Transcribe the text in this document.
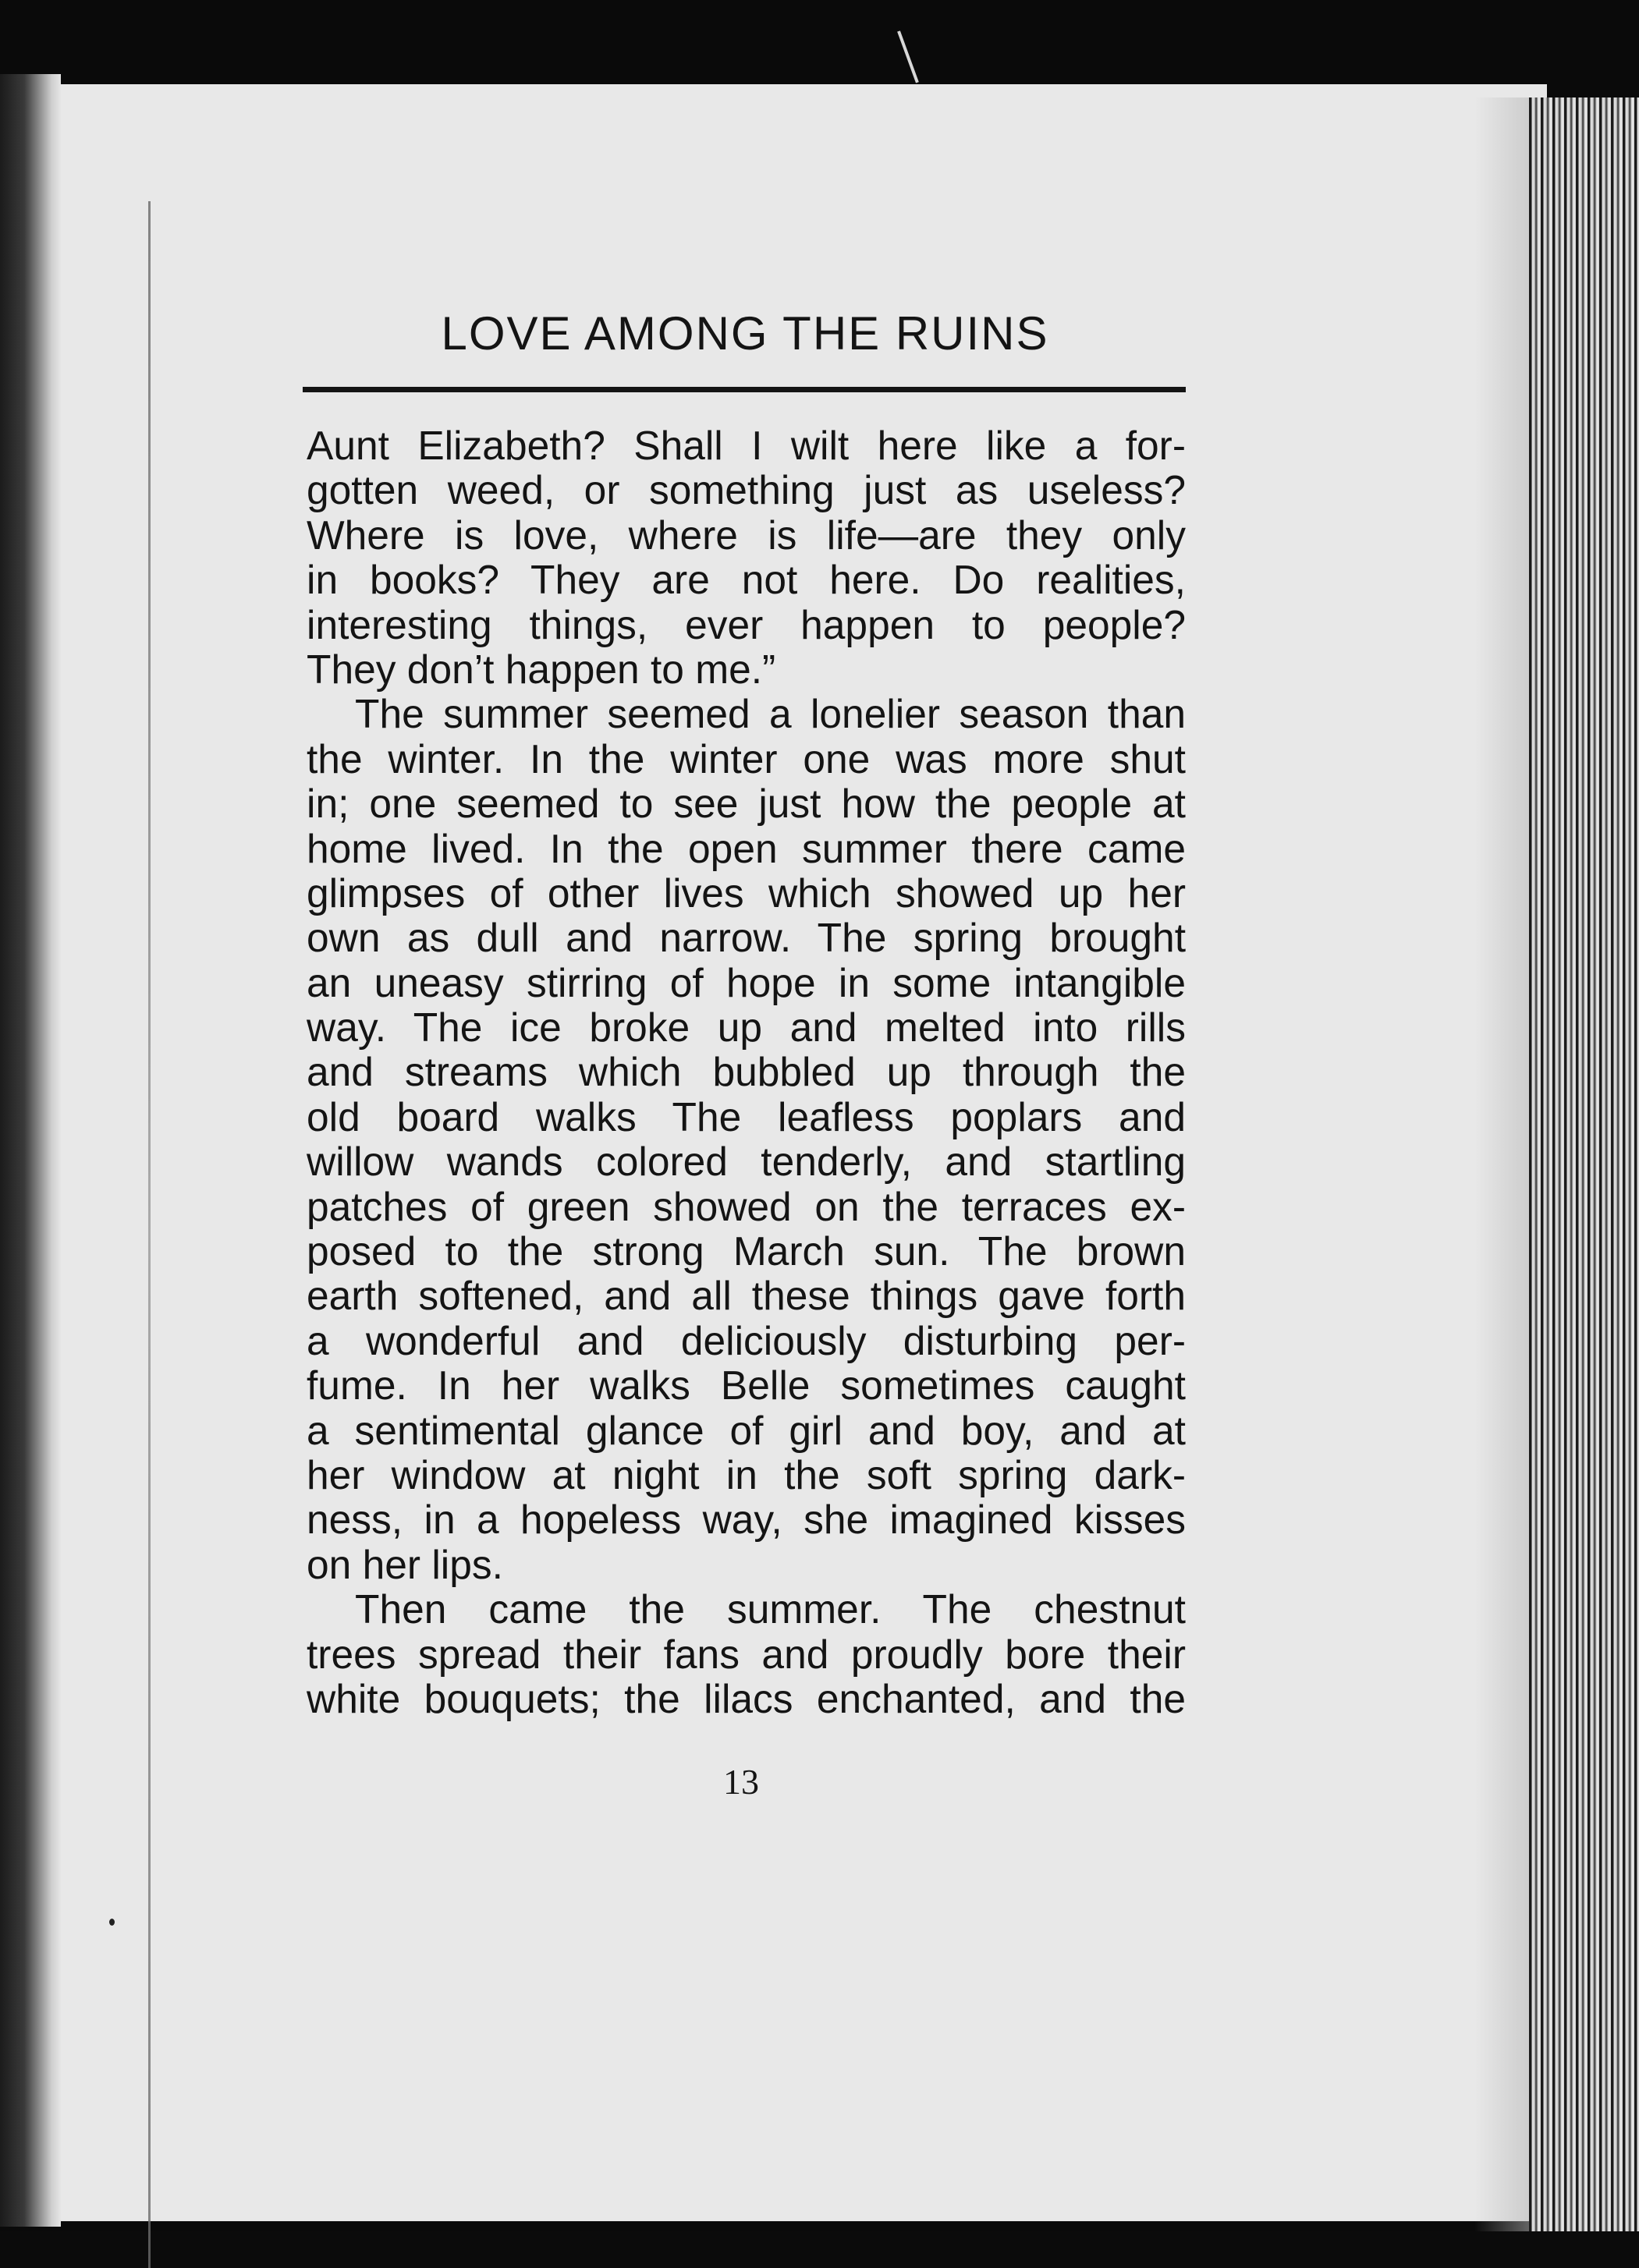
LOVE AMONG THE RUINS
Aunt Elizabeth? Shall I wilt here like a for-
gotten weed, or something just as useless?
Where is love, where is life—are they only
in books? They are not here. Do realities,
interesting things, ever happen to people?
They don’t happen to me.”
The summer seemed a lonelier season than
the winter. In the winter one was more shut
in; one seemed to see just how the people at
home lived. In the open summer there came
glimpses of other lives which showed up her
own as dull and narrow. The spring brought
an uneasy stirring of hope in some intangible
way. The ice broke up and melted into rills
and streams which bubbled up through the
old board walks The leafless poplars and
willow wands colored tenderly, and startling
patches of green showed on the terraces ex-
posed to the strong March sun. The brown
earth softened, and all these things gave forth
a wonderful and deliciously disturbing per-
fume. In her walks Belle sometimes caught
a sentimental glance of girl and boy, and at
her window at night in the soft spring dark-
ness, in a hopeless way, she imagined kisses
on her lips.
Then came the summer. The chestnut
trees spread their fans and proudly bore their
white bouquets; the lilacs enchanted, and the
13
